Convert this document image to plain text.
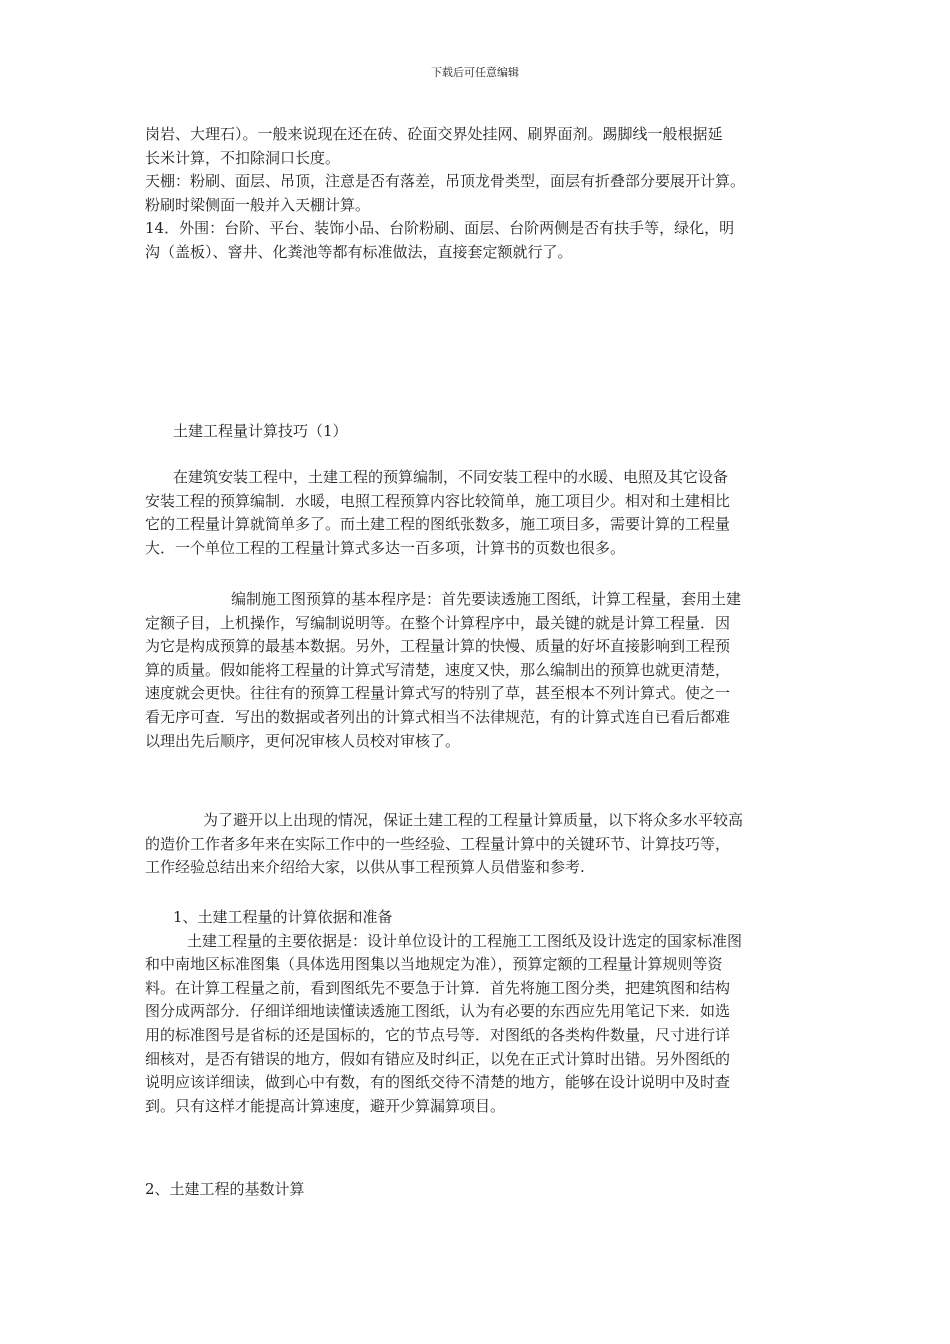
下载后可任意编辑
岗岩、大理石）。一般来说现在还在砖、砼面交界处挂网、刷界面剂。踢脚线一般根据延
长米计算，不扣除洞口长度。
天棚：粉刷、面层、吊顶，注意是否有落差，吊顶龙骨类型，面层有折叠部分要展开计算。
粉刷时梁侧面一般并入天棚计算。
14．外围：台阶、平台、装饰小品、台阶粉刷、面层、台阶两侧是否有扶手等，绿化，明
沟（盖板）、窨井、化粪池等都有标准做法，直接套定额就行了。
土建工程量计算技巧（1）
在建筑安装工程中，土建工程的预算编制，不同安装工程中的水暖、电照及其它设备
安装工程的预算编制．水暖，电照工程预算内容比较简单，施工项目少。相对和土建相比
它的工程量计算就简单多了。而土建工程的图纸张数多，施工项目多，需要计算的工程量
大．一个单位工程的工程量计算式多达一百多项，计算书的页数也很多。
编制施工图预算的基本程序是：首先要读透施工图纸，计算工程量，套用土建
定额子目，上机操作，写编制说明等。在整个计算程序中，最关键的就是计算工程量．因
为它是构成预算的最基本数据。另外，工程量计算的快慢、质量的好坏直接影响到工程预
算的质量。假如能将工程量的计算式写清楚，速度又快，那么编制出的预算也就更清楚，
速度就会更快。往往有的预算工程量计算式写的特别了草，甚至根本不列计算式。使之一
看无序可查．写出的数据或者列出的计算式相当不法律规范，有的计算式连自已看后都难
以理出先后顺序，更何况审核人员校对审核了。
为了避开以上出现的情况，保证土建工程的工程量计算质量，以下将众多水平较高
的造价工作者多年来在实际工作中的一些经验、工程量计算中的关键环节、计算技巧等，
工作经验总结出来介绍给大家，以供从事工程预算人员借鉴和参考.
1、土建工程量的计算依据和准备
土建工程量的主要依据是：设计单位设计的工程施工工图纸及设计选定的国家标准图
和中南地区标准图集（具体选用图集以当地规定为准），预算定额的工程量计算规则等资
料。在计算工程量之前，看到图纸先不要急于计算．首先将施工图分类，把建筑图和结构
图分成两部分．仔细详细地读懂读透施工图纸，认为有必要的东西应先用笔记下来．如选
用的标准图号是省标的还是国标的，它的节点号等．对图纸的各类构件数量，尺寸进行详
细核对，是否有错误的地方，假如有错应及时纠正，以免在正式计算时出错。另外图纸的
说明应该详细读，做到心中有数，有的图纸交待不清楚的地方，能够在设计说明中及时查
到。只有这样才能提高计算速度，避开少算漏算项目。
2、土建工程的基数计算
